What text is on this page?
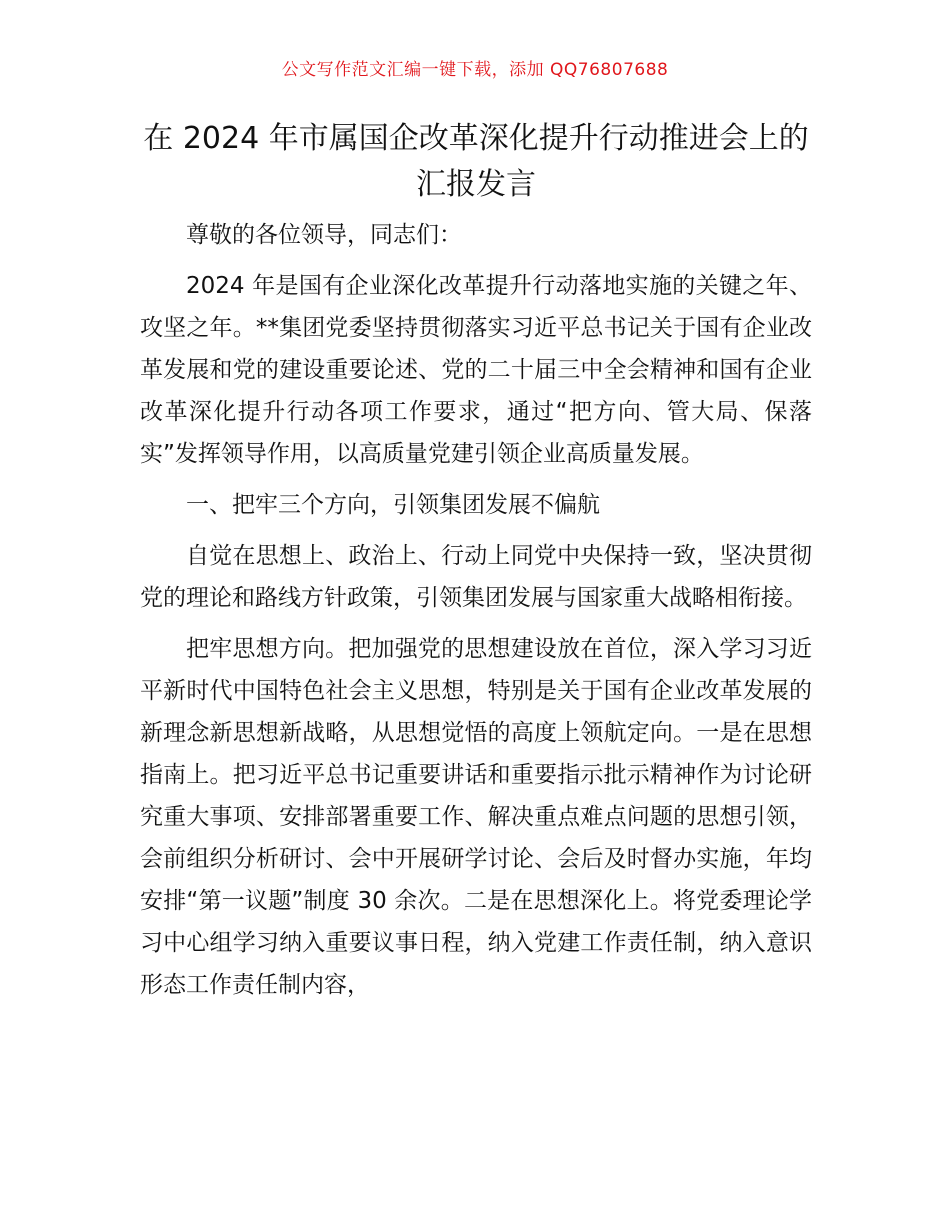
公文写作范文汇编一键下载，添加 QQ76807688
在 2024 年市属国企改革深化提升行动推进会上的汇报发言

尊敬的各位领导，同志们：

2024 年是国有企业深化改革提升行动落地实施的关键之年、攻坚之年。**集团党委坚持贯彻落实习近平总书记关于国有企业改革发展和党的建设重要论述、党的二十届三中全会精神和国有企业改革深化提升行动各项工作要求，通过“把方向、管大局、保落实”发挥领导作用，以高质量党建引领企业高质量发展。

一、把牢三个方向，引领集团发展不偏航

自觉在思想上、政治上、行动上同党中央保持一致，坚决贯彻党的理论和路线方针政策，引领集团发展与国家重大战略相衔接。

把牢思想方向。把加强党的思想建设放在首位，深入学习习近平新时代中国特色社会主义思想，特别是关于国有企业改革发展的新理念新思想新战略，从思想觉悟的高度上领航定向。一是在思想指南上。把习近平总书记重要讲话和重要指示批示精神作为讨论研究重大事项、安排部署重要工作、解决重点难点问题的思想引领，会前组织分析研讨、会中开展研学讨论、会后及时督办实施，年均安排“第一议题”制度 30 余次。二是在思想深化上。将党委理论学习中心组学习纳入重要议事日程，纳入党建工作责任制，纳入意识形态工作责任制内容，
